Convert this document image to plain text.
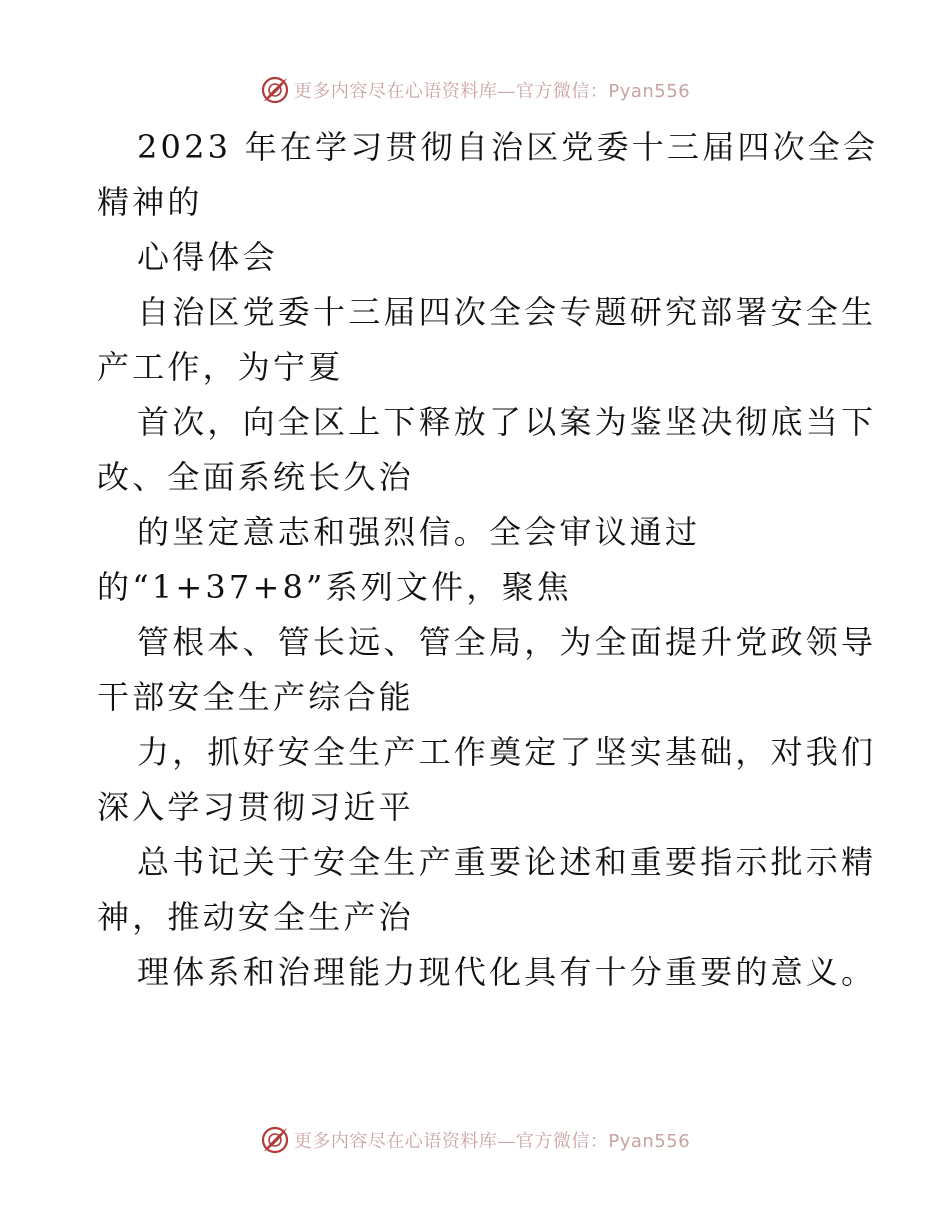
更多内容尽在心语资料库—官方微信：Pyan556
2023 年在学习贯彻自治区党委十三届四次全会
精神的
心得体会
自治区党委十三届四次全会专题研究部署安全生
产工作，为宁夏
首次，向全区上下释放了以案为鉴坚决彻底当下
改、全面系统长久治
的坚定意志和强烈信。全会审议通过
的“1+37+8”系列文件，聚焦
管根本、管长远、管全局，为全面提升党政领导
干部安全生产综合能
力，抓好安全生产工作奠定了坚实基础，对我们
深入学习贯彻习近平
总书记关于安全生产重要论述和重要指示批示精
神，推动安全生产治
理体系和治理能力现代化具有十分重要的意义。
更多内容尽在心语资料库—官方微信：Pyan556
